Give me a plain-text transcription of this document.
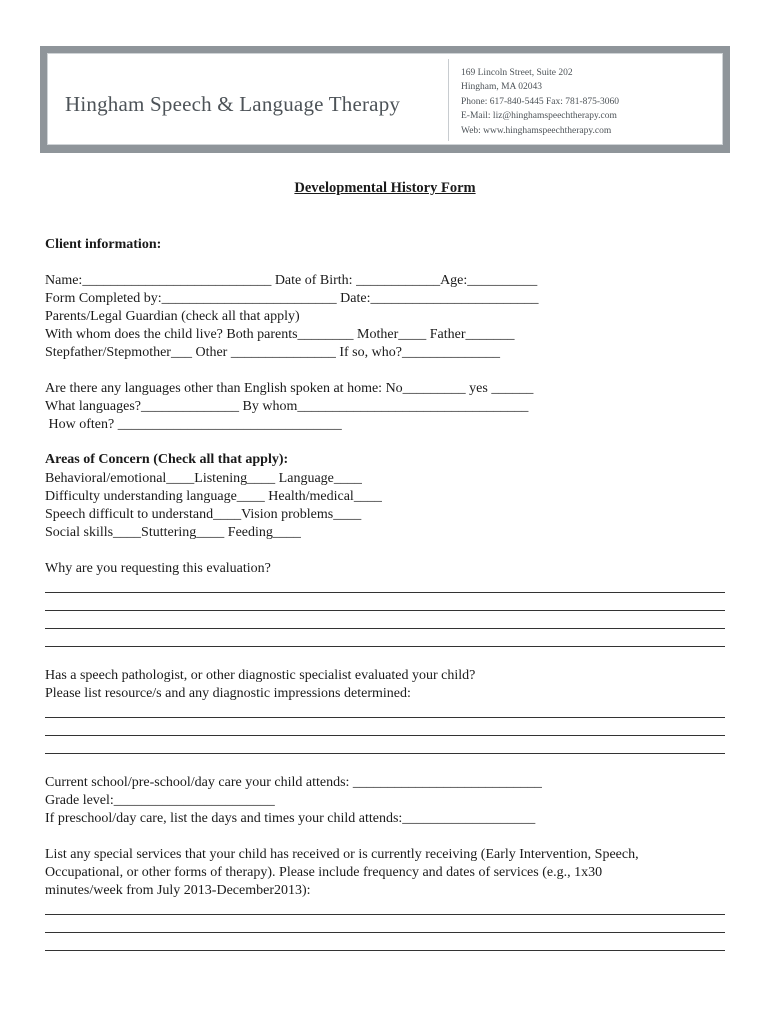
Hingham Speech & Language Therapy
169 Lincoln Street, Suite 202
Hingham, MA 02043
Phone: 617-840-5445 Fax: 781-875-3060
E-Mail: liz@hinghamspeechtherapy.com
Web: www.hinghamspeechtherapy.com
Developmental History Form
Client information:
Name:___________________________ Date of Birth: ____________Age:__________
Form Completed by:_________________________ Date:________________________
Parents/Legal Guardian (check all that apply)
With whom does the child live? Both parents________ Mother____ Father_______
Stepfather/Stepmother___ Other _______________ If so, who?______________
Are there any languages other than English spoken at home: No_________ yes ______
What languages?______________ By whom_________________________________
How often? ________________________________
Areas of Concern (Check all that apply):
Behavioral/emotional____Listening____ Language____
Difficulty understanding language____ Health/medical____
Speech difficult to understand____Vision problems____
Social skills____Stuttering____ Feeding____
Why are you requesting this evaluation?
Has a speech pathologist, or other diagnostic specialist evaluated your child?
Please list resource/s and any diagnostic impressions determined:
Current school/pre-school/day care your child attends: ___________________________
Grade level:_______________________
If preschool/day care, list the days and times your child attends:___________________
List any special services that your child has received or is currently receiving (Early Intervention, Speech,
Occupational, or other forms of therapy). Please include frequency and dates of services (e.g., 1x30
minutes/week from July 2013-December2013):
